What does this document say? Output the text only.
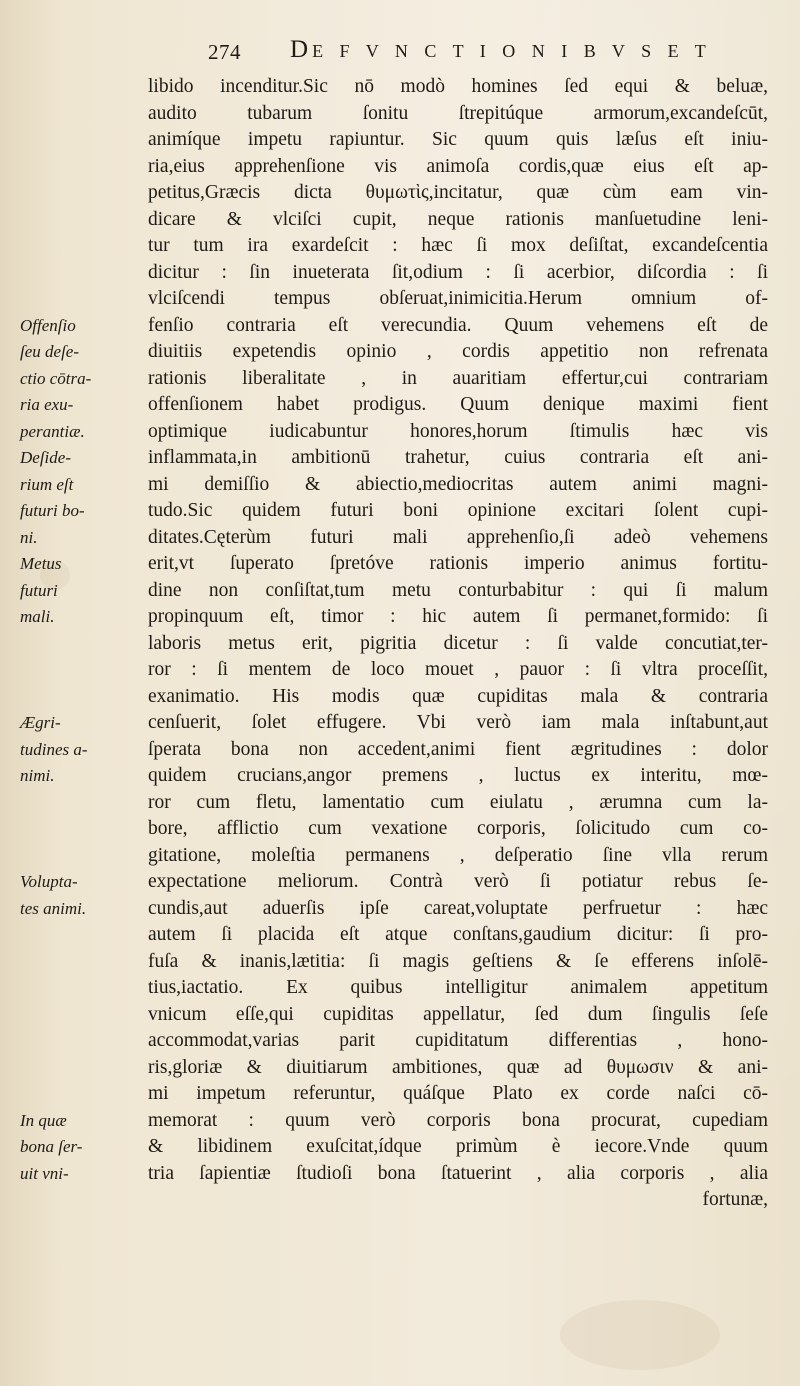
274 DE F V N C T I O N I B V S E T
Offenſio
ſeu deſe-
ctio cōtra-
ria exu-
perantiæ.
Deſide-
rium eſt
futuri bo-
ni.
Metus
futuri
mali.
Ægri-
tudines a-
nimi.
Volupta-
tes animi.
In quæ
bona ſer-
uit vni-
libido incenditur.Sic nō modò homines ſed equi & beluæ,
audito tubarum ſonitu ſtrepitúque armorum,excandeſcūt,
animíque impetu rapiuntur. Sic quum quis læſus eſt iniu-
ria,eius apprehenſione vis animoſa cordis,quæ eius eſt ap-
petitus,Græcis dicta θυμωτὶς,incitatur, quæ cùm eam vin-
dicare & vlciſci cupit, neque rationis manſuetudine leni-
tur tum ira exardeſcit : hæc ſi mox deſiſtat, excandeſcentia
dicitur : ſin inueterata ſit,odium : ſi acerbior, diſcordia : ſi
vlciſcendi tempus obſeruat,inimicitia.Herum omnium of-
fenſio contraria eſt verecundia. Quum vehemens eſt de
diuitiis expetendis opinio , cordis appetitio non refrenata
rationis liberalitate , in auaritiam effertur,cui contrariam
offenſionem habet prodigus. Quum denique maximi fient
optimique iudicabuntur honores,horum ſtimulis hæc vis
inflammata,in ambitionū trahetur, cuius contraria eſt ani-
mi demiſſio & abiectio,mediocritas autem animi magni-
tudo.Sic quidem futuri boni opinione excitari ſolent cupi-
ditates.Cęterùm futuri mali apprehenſio,ſi adeò vehemens
erit,vt ſuperato ſpretóve rationis imperio animus fortitu-
dine non conſiſtat,tum metu conturbabitur : qui ſi malum
propinquum eſt, timor : hic autem ſi permanet,formido: ſi
laboris metus erit, pigritia dicetur : ſi valde concutiat,ter-
ror : ſi mentem de loco mouet , pauor : ſi vltra proceſſit,
exanimatio. His modis quæ cupiditas mala & contraria
cenſuerit, ſolet effugere. Vbi verò iam mala inſtabunt,aut
ſperata bona non accedent,animi fient ægritudines : dolor
quidem crucians,angor premens , luctus ex interitu, mœ-
ror cum fletu, lamentatio cum eiulatu , ærumna cum la-
bore, afflictio cum vexatione corporis, ſolicitudo cum co-
gitatione, moleſtia permanens , deſperatio ſine vlla rerum
expectatione meliorum. Contrà verò ſi potiatur rebus ſe-
cundis,aut aduerſis ipſe careat,voluptate perfruetur : hæc
autem ſi placida eſt atque conſtans,gaudium dicitur: ſi pro-
fuſa & inanis,lætitia: ſi magis geſtiens & ſe efferens inſolē-
tius,iactatio. Ex quibus intelligitur animalem appetitum
vnicum eſſe,qui cupiditas appellatur, ſed dum ſingulis ſeſe
accommodat,varias parit cupiditatum differentias , hono-
ris,gloriæ & diuitiarum ambitiones, quæ ad θυμωσιν & ani-
mi impetum referuntur, quáſque Plato ex corde naſci cō-
memorat : quum verò corporis bona procurat, cupediam
& libidinem exuſcitat,ídque primùm è iecore.Vnde quum
tria ſapientiæ ſtudioſi bona ſtatuerint , alia corporis , alia
fortunæ,
